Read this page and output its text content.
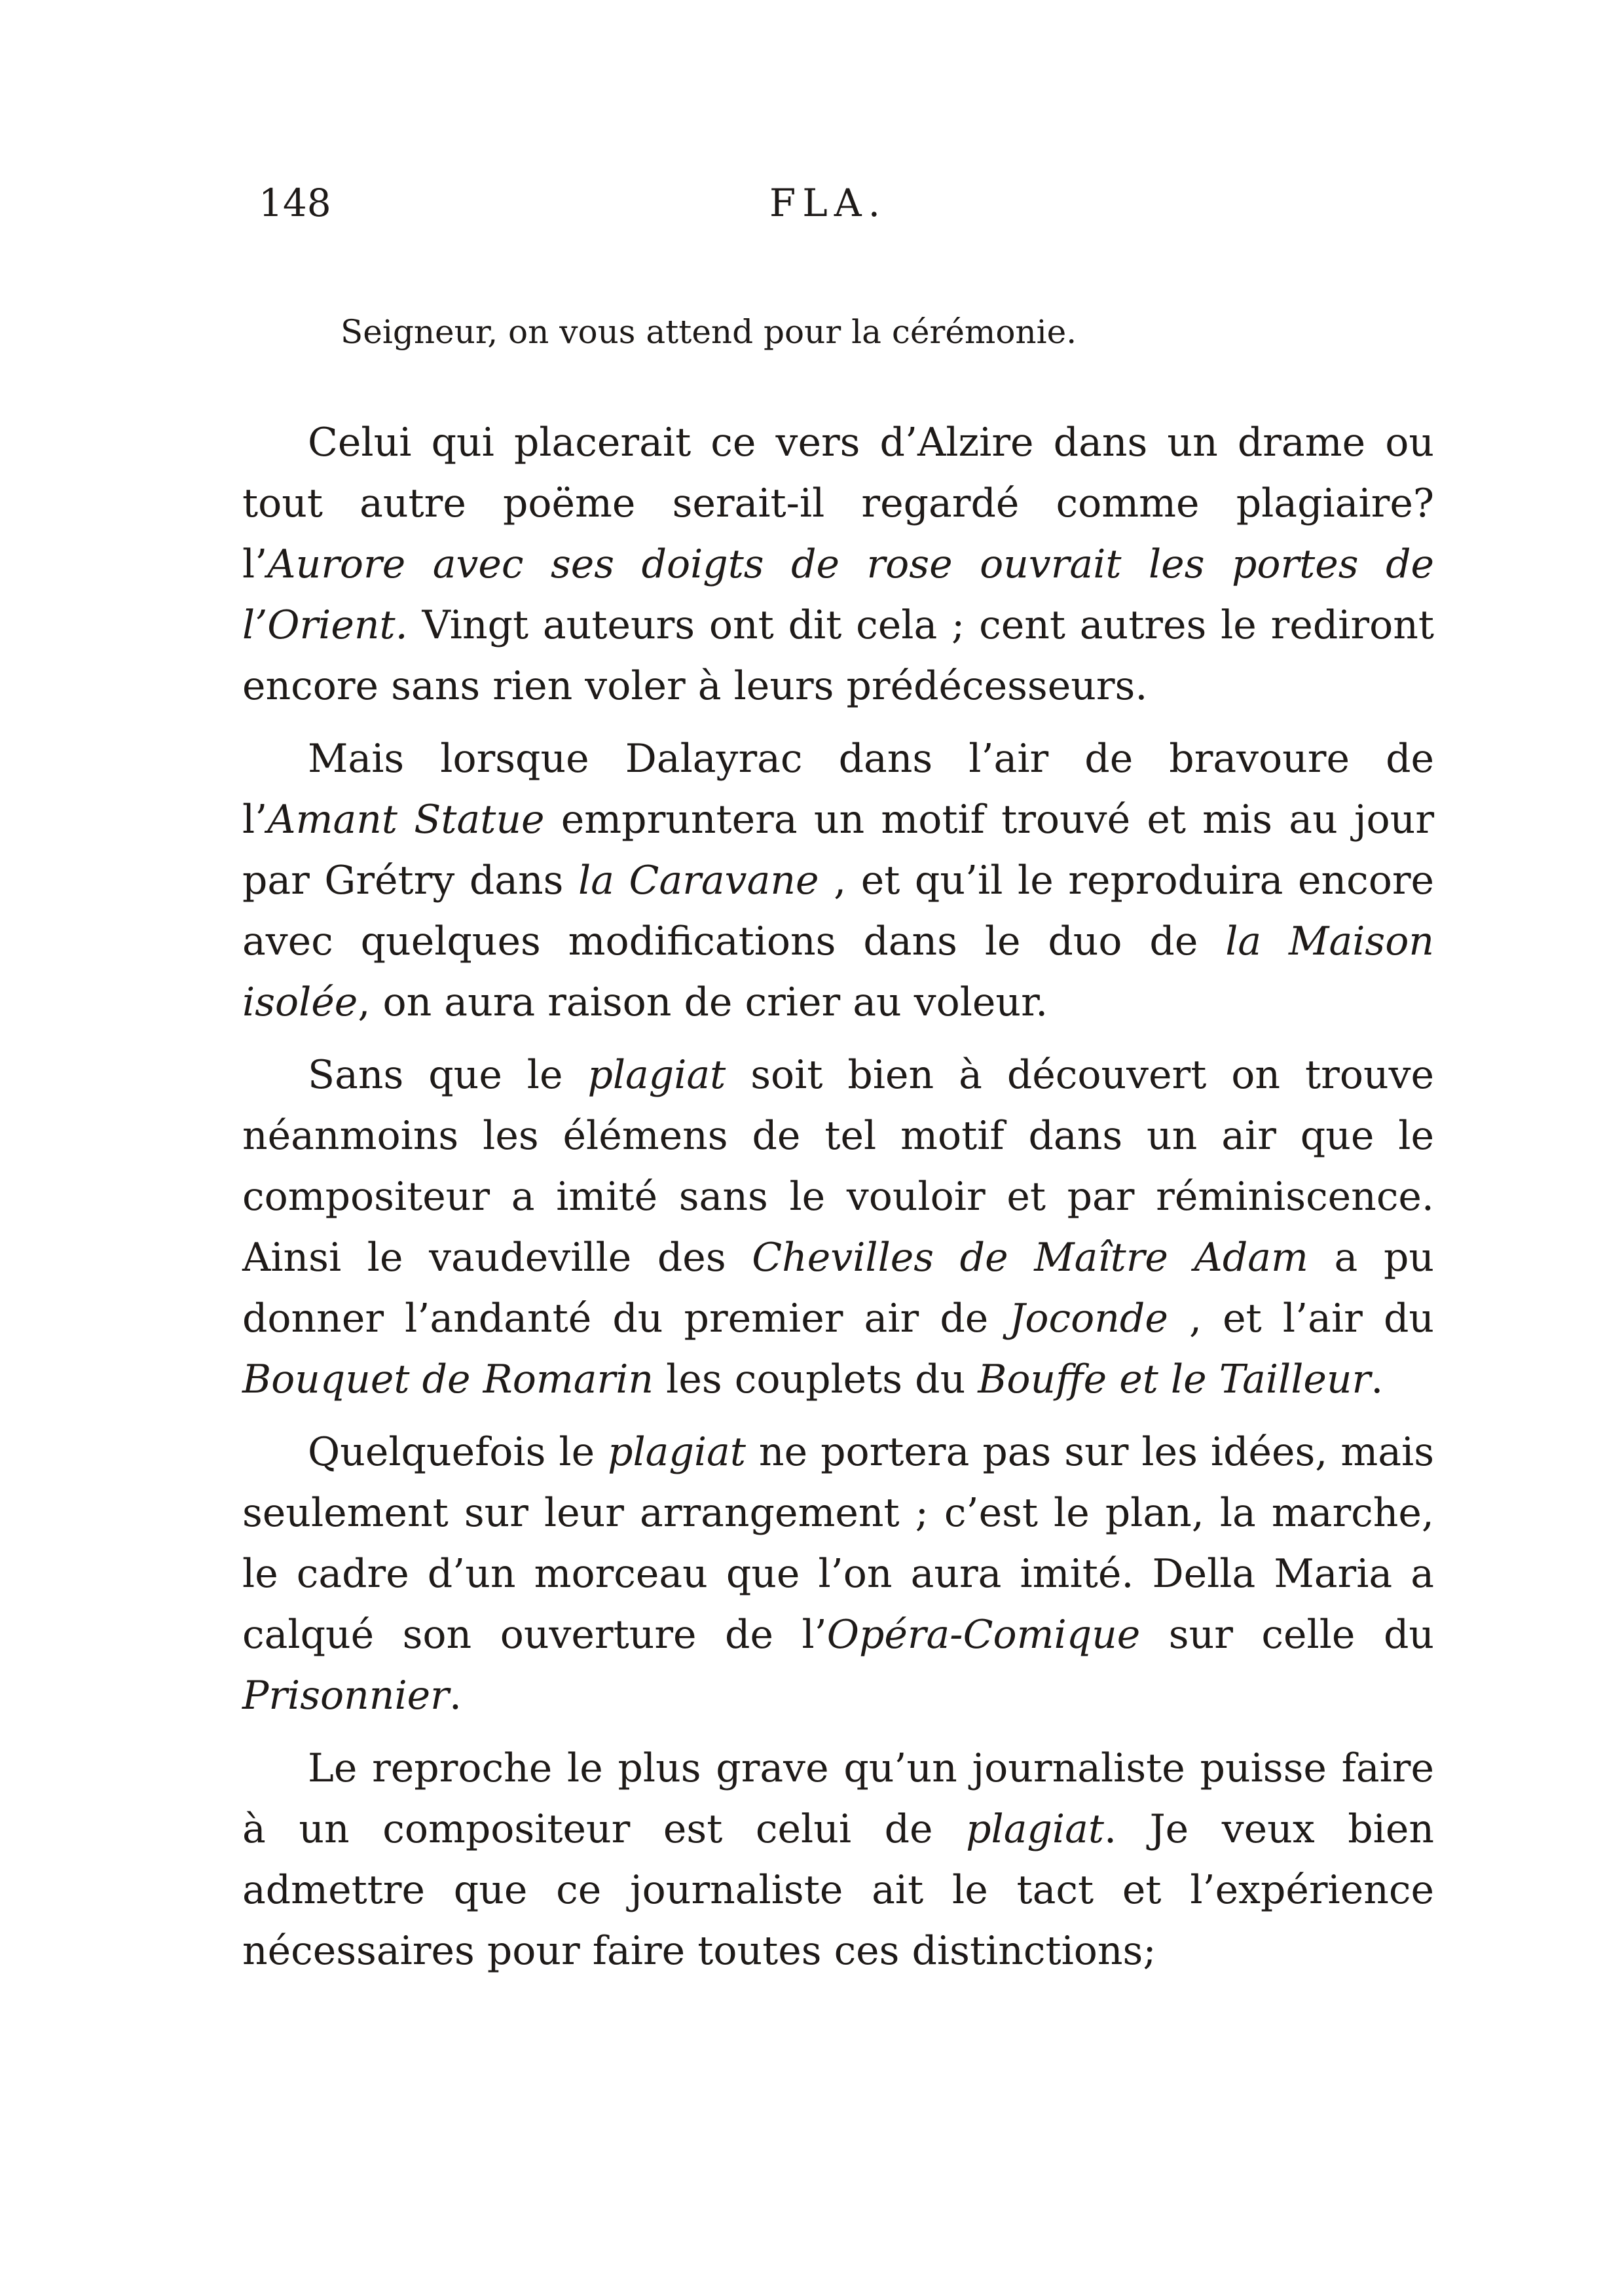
148	FLA.
Seigneur, on vous attend pour la cérémonie.

Celui qui placerait ce vers d’Alzire dans un drame ou tout autre poëme serait-il regardé comme plagiaire? l’Aurore avec ses doigts de rose ouvrait les portes de l’Orient. Vingt auteurs ont dit cela ; cent autres le rediront encore sans rien voler à leurs prédécesseurs.

Mais lorsque Dalayrac dans l’air de bravoure de l’Amant Statue empruntera un motif trouvé et mis au jour par Grétry dans la Caravane , et qu’il le reproduira encore avec quelques modifications dans le duo de la Maison isolée, on aura raison de crier au voleur.

Sans que le plagiat soit bien à découvert on trouve néanmoins les élémens de tel motif dans un air que le compositeur a imité sans le vouloir et par réminiscence. Ainsi le vaudeville des Chevilles de Maître Adam a pu donner l’andanté du premier air de Joconde , et l’air du Bouquet de Romarin les couplets du Bouffe et le Tailleur.

Quelquefois le plagiat ne portera pas sur les idées, mais seulement sur leur arrangement ; c’est le plan, la marche, le cadre d’un morceau que l’on aura imité. Della Maria a calqué son ouverture de l’Opéra-Comique sur celle du Prisonnier.

Le reproche le plus grave qu’un journaliste puisse faire à un compositeur est celui de plagiat. Je veux bien admettre que ce journaliste ait le tact et l’expérience nécessaires pour faire toutes ces distinctions;
